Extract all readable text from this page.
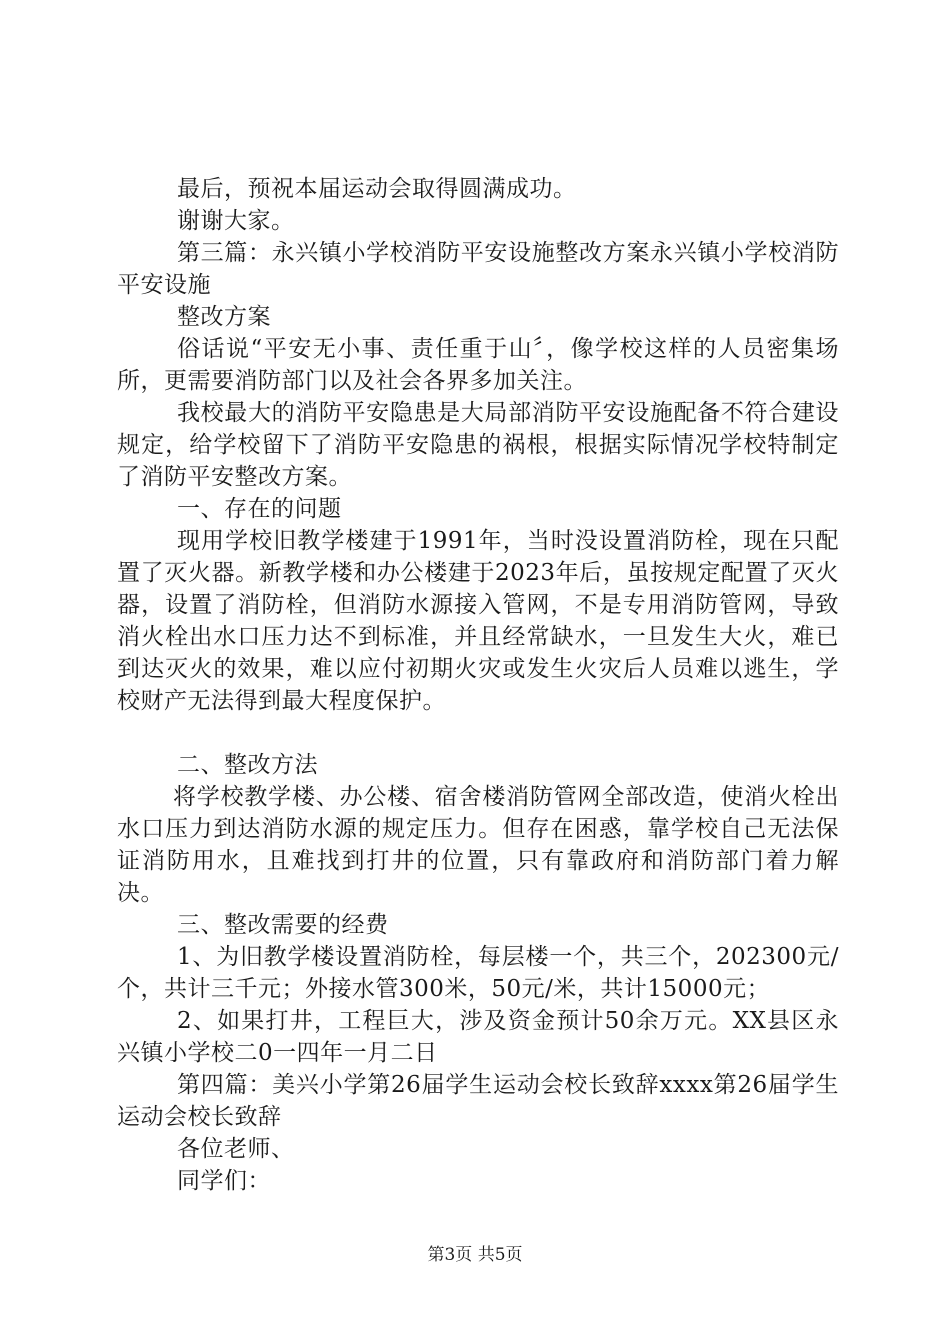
最后，预祝本届运动会取得圆满成功。

谢谢大家。

第三篇：永兴镇小学校消防平安设施整改方案永兴镇小学校消防平安设施

整改方案

俗话说“平安无小事、责任重于山〞，像学校这样的人员密集场所，更需要消防部门以及社会各界多加关注。

我校最大的消防平安隐患是大局部消防平安设施配备不符合建设规定，给学校留下了消防平安隐患的祸根，根据实际情况学校特制定了消防平安整改方案。

一、存在的问题

现用学校旧教学楼建于1991年，当时没设置消防栓，现在只配置了灭火器。新教学楼和办公楼建于2023年后，虽按规定配置了灭火器，设置了消防栓，但消防水源接入管网，不是专用消防管网，导致消火栓出水口压力达不到标准，并且经常缺水，一旦发生大火，难已到达灭火的效果，难以应付初期火灾或发生火灾后人员难以逃生，学校财产无法得到最大程度保护。

二、整改方法

将学校教学楼、办公楼、宿舍楼消防管网全部改造，使消火栓出水口压力到达消防水源的规定压力。但存在困惑，靠学校自己无法保证消防用水，且难找到打井的位置，只有靠政府和消防部门着力解决。

三、整改需要的经费

1、为旧教学楼设置消防栓，每层楼一个，共三个，202300元/个，共计三千元；外接水管300米，50元/米，共计15000元；

2、如果打井，工程巨大，涉及资金预计50余万元。XX县区永兴镇小学校二0一四年一月二日

第四篇：美兴小学第26届学生运动会校长致辞xxxx第26届学生运动会校长致辞

各位老师、

同学们：

第3页 共5页
